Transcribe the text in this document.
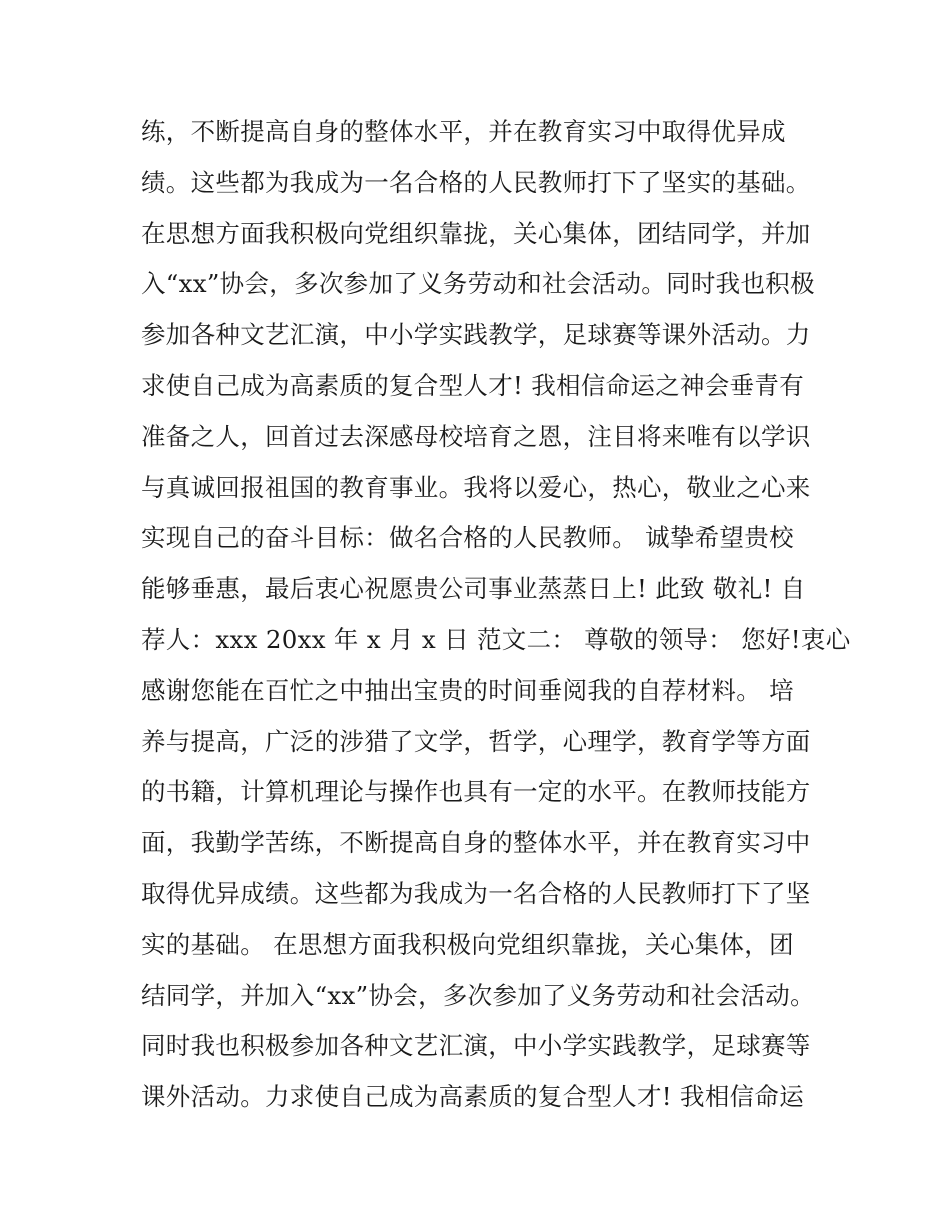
练，不断提高自身的整体水平，并在教育实习中取得优异成
绩。这些都为我成为一名合格的人民教师打下了坚实的基础。
在思想方面我积极向党组织靠拢，关心集体，团结同学，并加
入“xx”协会，多次参加了义务劳动和社会活动。同时我也积极
参加各种文艺汇演，中小学实践教学，足球赛等课外活动。力
求使自己成为高素质的复合型人才! 我相信命运之神会垂青有
准备之人，回首过去深感母校培育之恩，注目将来唯有以学识
与真诚回报祖国的教育事业。我将以爱心，热心，敬业之心来
实现自己的奋斗目标：做名合格的人民教师。 诚挚希望贵校
能够垂惠，最后衷心祝愿贵公司事业蒸蒸日上! 此致 敬礼! 自
荐人：xxx 20xx 年 x 月 x 日 范文二： 尊敬的领导： 您好!衷心
感谢您能在百忙之中抽出宝贵的时间垂阅我的自荐材料。 培
养与提高，广泛的涉猎了文学，哲学，心理学，教育学等方面
的书籍，计算机理论与操作也具有一定的水平。在教师技能方
面，我勤学苦练，不断提高自身的整体水平，并在教育实习中
取得优异成绩。这些都为我成为一名合格的人民教师打下了坚
实的基础。 在思想方面我积极向党组织靠拢，关心集体，团
结同学，并加入“xx”协会，多次参加了义务劳动和社会活动。
同时我也积极参加各种文艺汇演，中小学实践教学，足球赛等
课外活动。力求使自己成为高素质的复合型人才! 我相信命运
